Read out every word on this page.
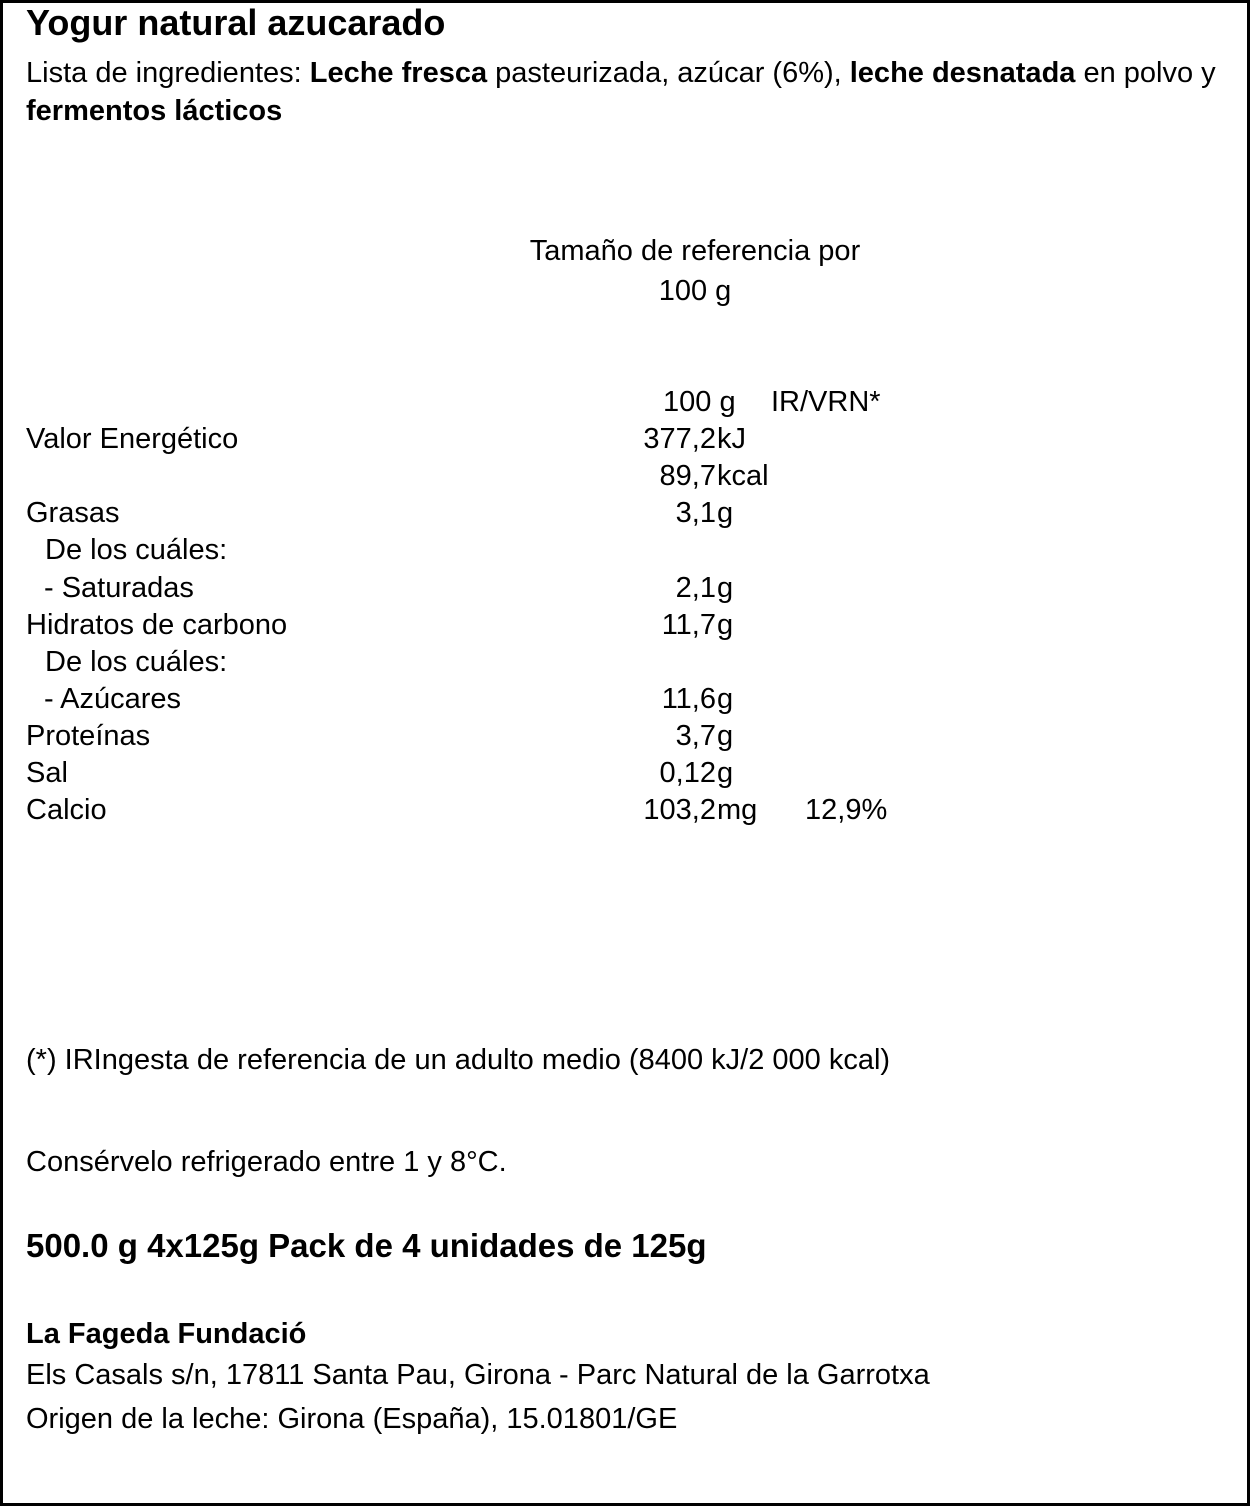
Yogur natural azucarado
Lista de ingredientes: Leche fresca pasteurizada, azúcar (6%), leche desnatada en polvo y fermentos lácticos
Tamaño de referencia por
100 g
100 g IR/VRN*
Valor Energético	377,2 kJ
89,7 kcal
Grasas	3,1 g
De los cuáles:
- Saturadas	2,1 g
Hidratos de carbono	11,7 g
De los cuáles:
- Azúcares	11,6 g
Proteínas	3,7 g
Sal	0,12 g
Calcio	103,2 mg 12,9%
(*) IRIngesta de referencia de un adulto medio (8400 kJ/2 000 kcal)
Consérvelo refrigerado entre 1 y 8°C.
500.0 g 4x125g Pack de 4 unidades de 125g
La Fageda Fundació
Els Casals s/n, 17811 Santa Pau, Girona - Parc Natural de la Garrotxa
Origen de la leche: Girona (España), 15.01801/GE
